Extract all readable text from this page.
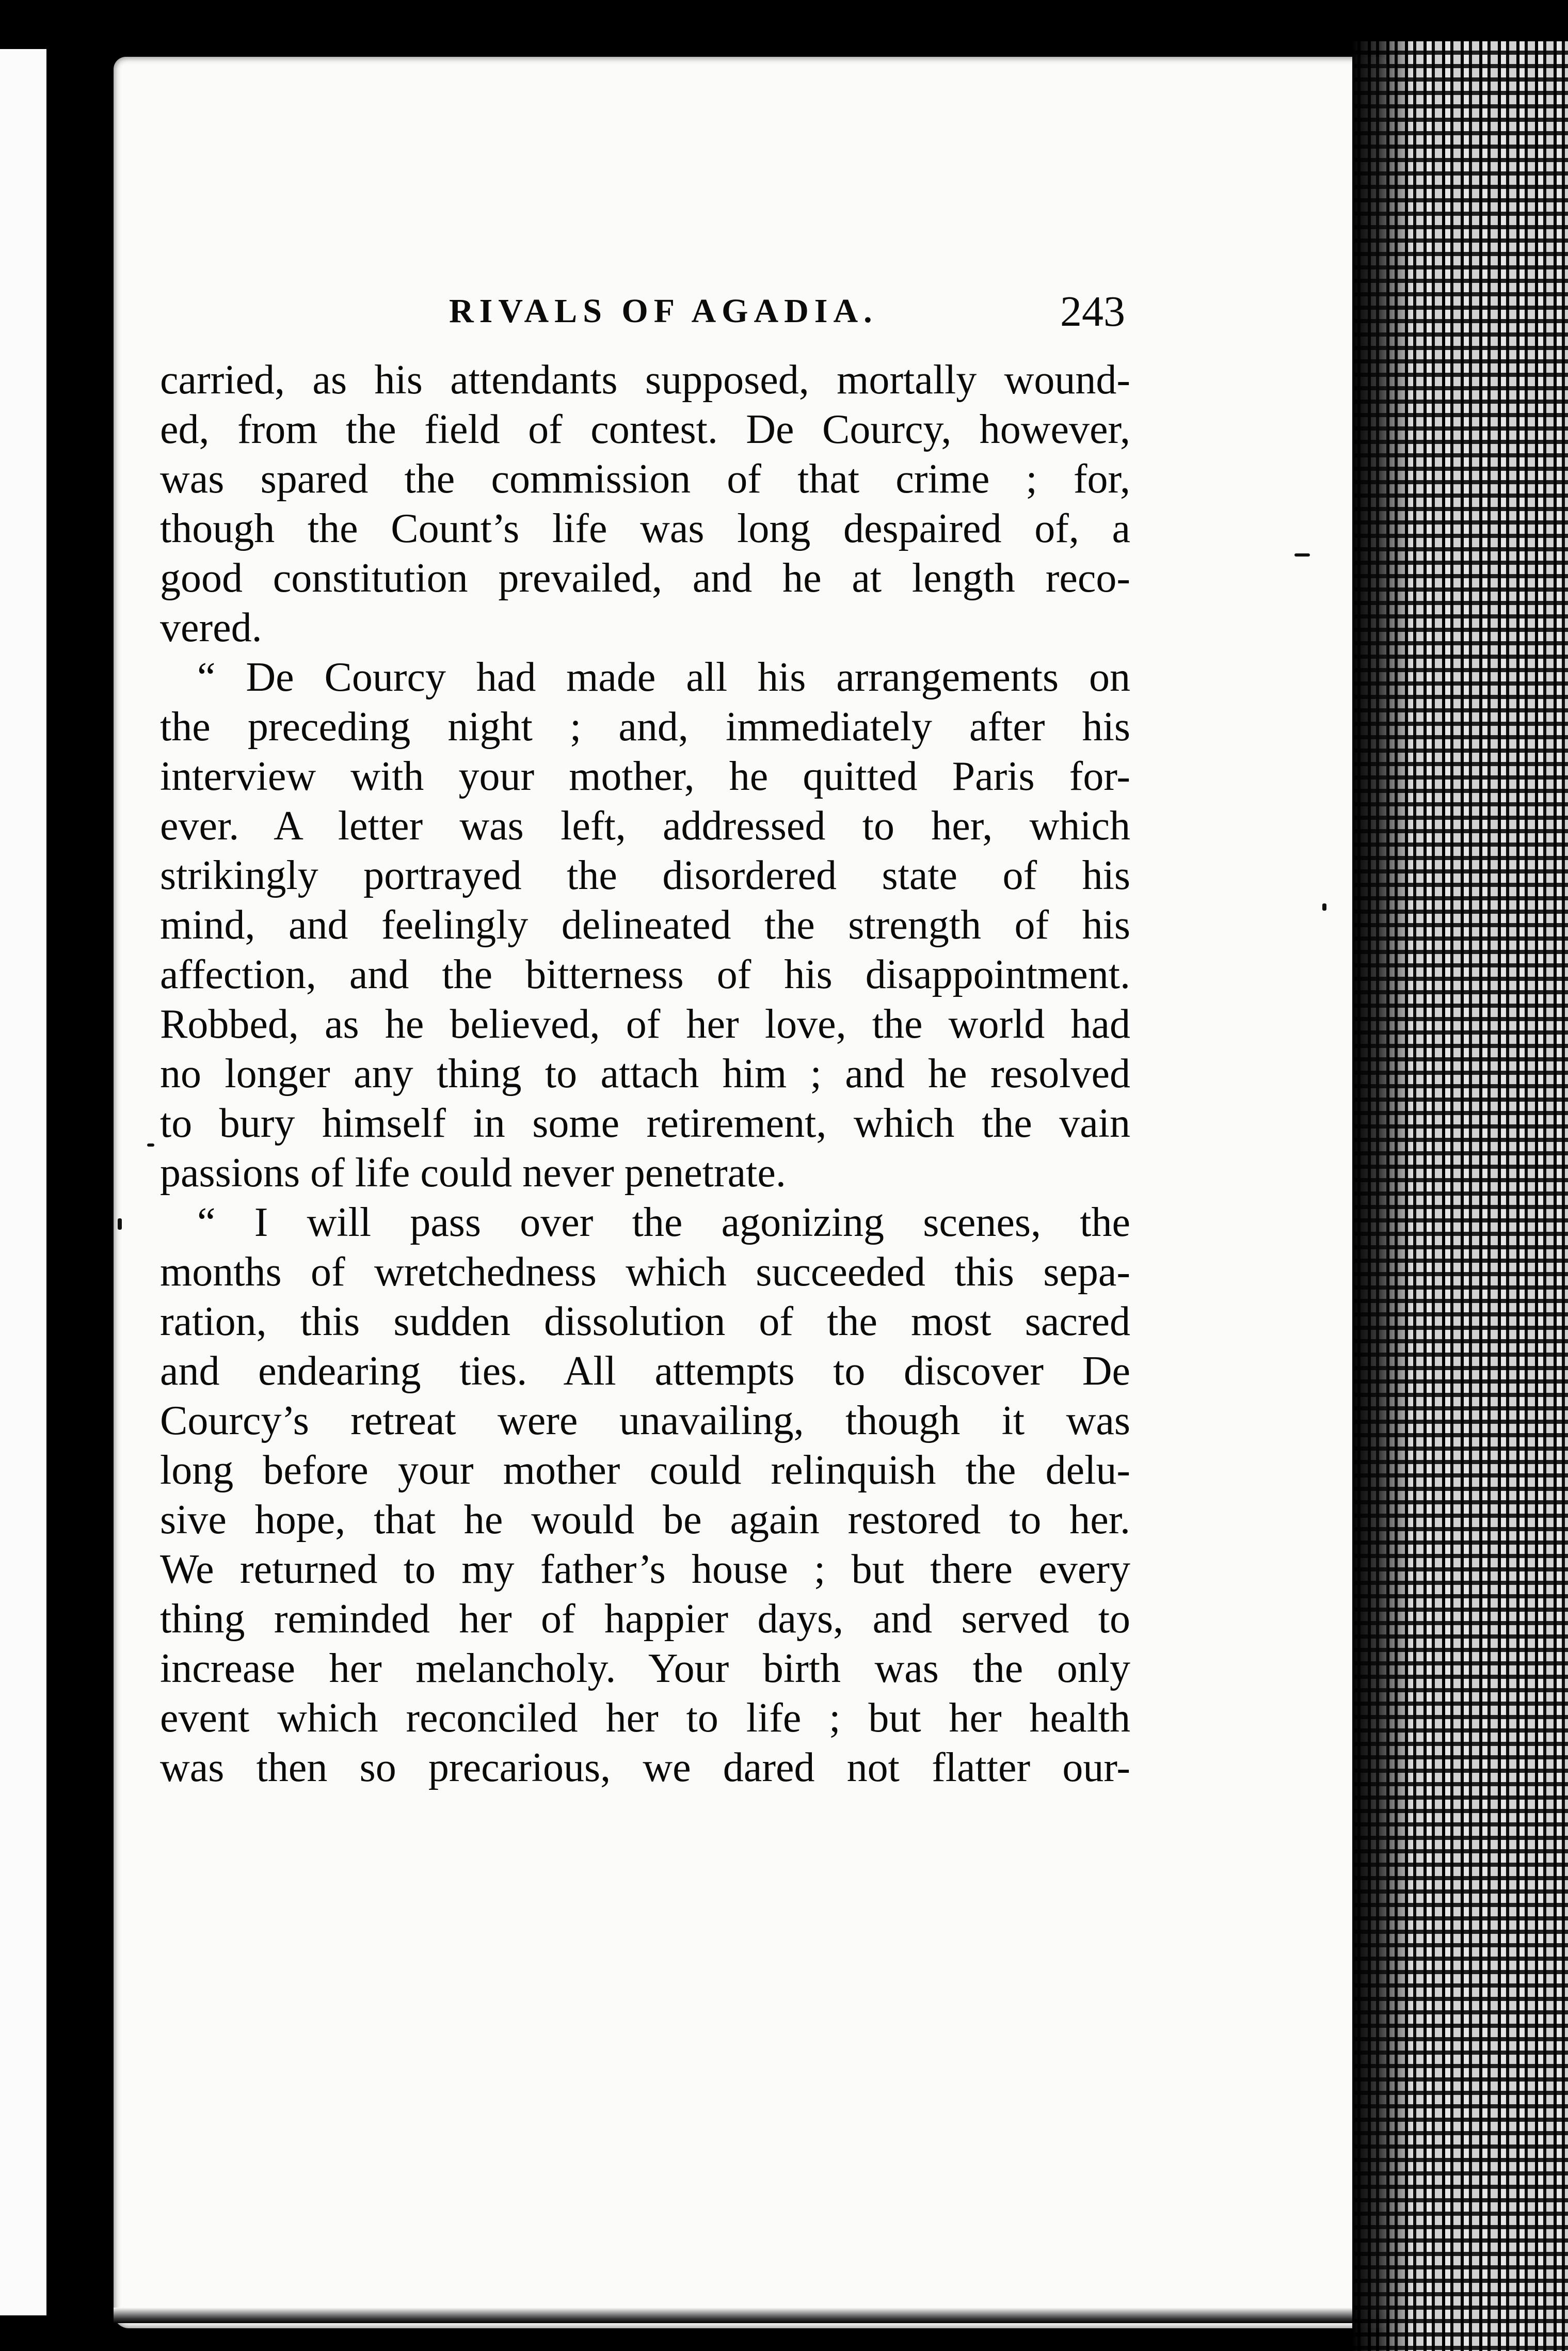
RIVALS OF AGADIA.	243
carried, as his attendants supposed, mortally wound-
ed, from the field of contest. De Courcy, however,
was spared the commission of that crime ; for,
though the Count’s life was long despaired of, a
good constitution prevailed, and he at length reco-
vered.
“ De Courcy had made all his arrangements on
the preceding night ; and, immediately after his
interview with your mother, he quitted Paris for-
ever. A letter was left, addressed to her, which
strikingly portrayed the disordered state of his
mind, and feelingly delineated the strength of his
affection, and the bitterness of his disappointment.
Robbed, as he believed, of her love, the world had
no longer any thing to attach him ; and he resolved
to bury himself in some retirement, which the vain
passions of life could never penetrate.
“ I will pass over the agonizing scenes, the
months of wretchedness which succeeded this sepa-
ration, this sudden dissolution of the most sacred
and endearing ties. All attempts to discover De
Courcy’s retreat were unavailing, though it was
long before your mother could relinquish the delu-
sive hope, that he would be again restored to her.
We returned to my father’s house ; but there every
thing reminded her of happier days, and served to
increase her melancholy. Your birth was the only
event which reconciled her to life ; but her health
was then so precarious, we dared not flatter our-
